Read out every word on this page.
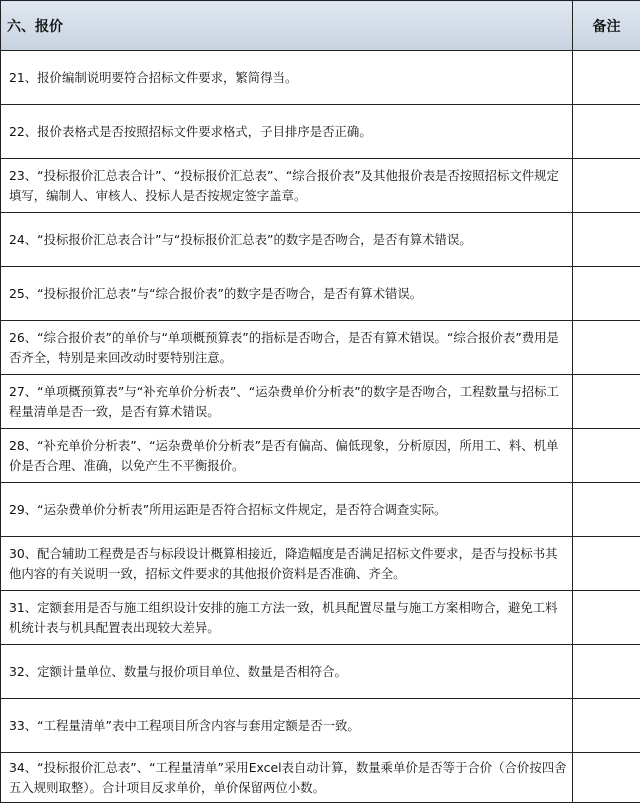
六、报价	备注
21、报价编制说明要符合招标文件要求，繁简得当。	
22、报价表格式是否按照招标文件要求格式，子目排序是否正确。	
23、“投标报价汇总表合计”、“投标报价汇总表”、“综合报价表”及其他报价表是否按照招标文件规定填写，编制人、审核人、投标人是否按规定签字盖章。	
24、“投标报价汇总表合计”与“投标报价汇总表”的数字是否吻合，是否有算术错误。	
25、“投标报价汇总表”与“综合报价表”的数字是否吻合，是否有算术错误。	
26、“综合报价表”的单价与“单项概预算表”的指标是否吻合，是否有算术错误。“综合报价表”费用是否齐全，特别是来回改动时要特别注意。	
27、“单项概预算表”与“补充单价分析表”、“运杂费单价分析表”的数字是否吻合，工程数量与招标工程量清单是否一致，是否有算术错误。	
28、“补充单价分析表”、“运杂费单价分析表”是否有偏高、偏低现象，分析原因，所用工、料、机单价是否合理、准确，以免产生不平衡报价。	
29、“运杂费单价分析表”所用运距是否符合招标文件规定，是否符合调查实际。	
30、配合辅助工程费是否与标段设计概算相接近，降造幅度是否满足招标文件要求，是否与投标书其他内容的有关说明一致，招标文件要求的其他报价资料是否准确、齐全。	
31、定额套用是否与施工组织设计安排的施工方法一致，机具配置尽量与施工方案相吻合，避免工料机统计表与机具配置表出现较大差异。	
32、定额计量单位、数量与报价项目单位、数量是否相符合。	
33、“工程量清单”表中工程项目所含内容与套用定额是否一致。	
34、“投标报价汇总表”、“工程量清单”采用Excel表自动计算，数量乘单价是否等于合价（合价按四舍五入规则取整）。合计项目反求单价，单价保留两位小数。	
